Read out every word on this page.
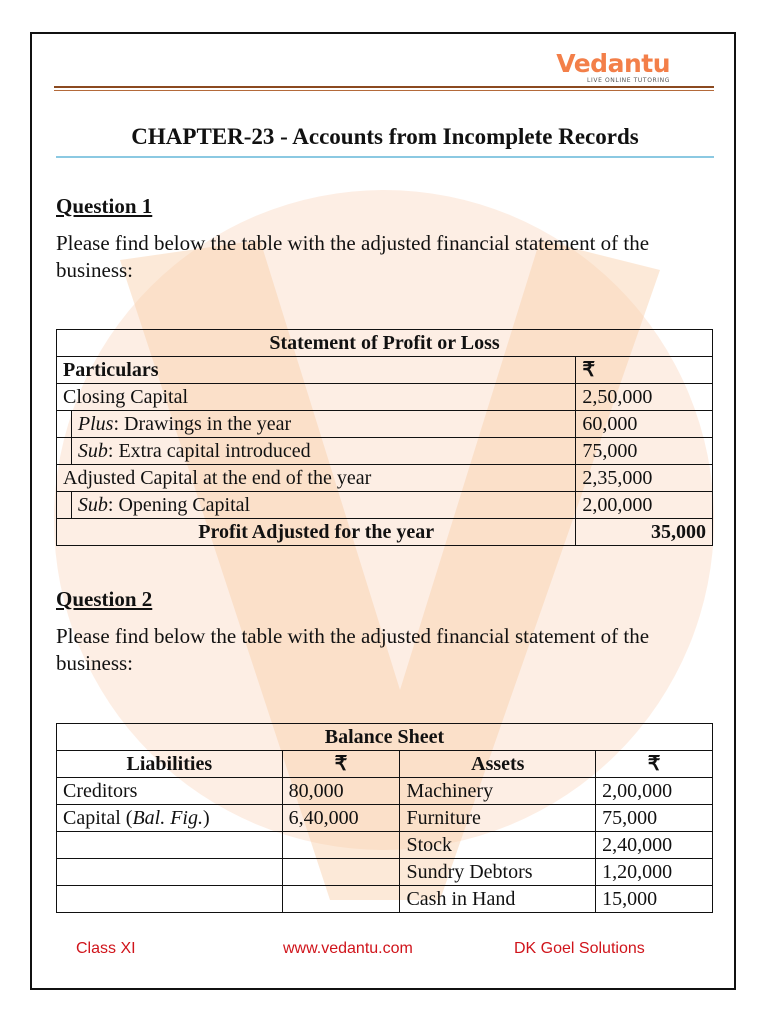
Vedantu
LIVE ONLINE TUTORING
CHAPTER-23 - Accounts from Incomplete Records
Question 1
Please find below the table with the adjusted financial statement of the business:
Statement of Profit or Loss		
Particulars		₹
Closing Capital		2,50,000
	Plus: Drawings in the year	60,000
	Sub: Extra capital introduced	75,000
Adjusted Capital at the end of the year		2,35,000
	Sub: Opening Capital	2,00,000
Profit Adjusted for the year		35,000
Question 2
Please find below the table with the adjusted financial statement of the business:
Balance Sheet			
Liabilities	₹	Assets	₹
Creditors	80,000	Machinery	2,00,000
Capital (Bal. Fig.)	6,40,000	Furniture	75,000
		Stock	2,40,000
		Sundry Debtors	1,20,000
		Cash in Hand	15,000
Class XI	www.vedantu.com	DK Goel Solutions
